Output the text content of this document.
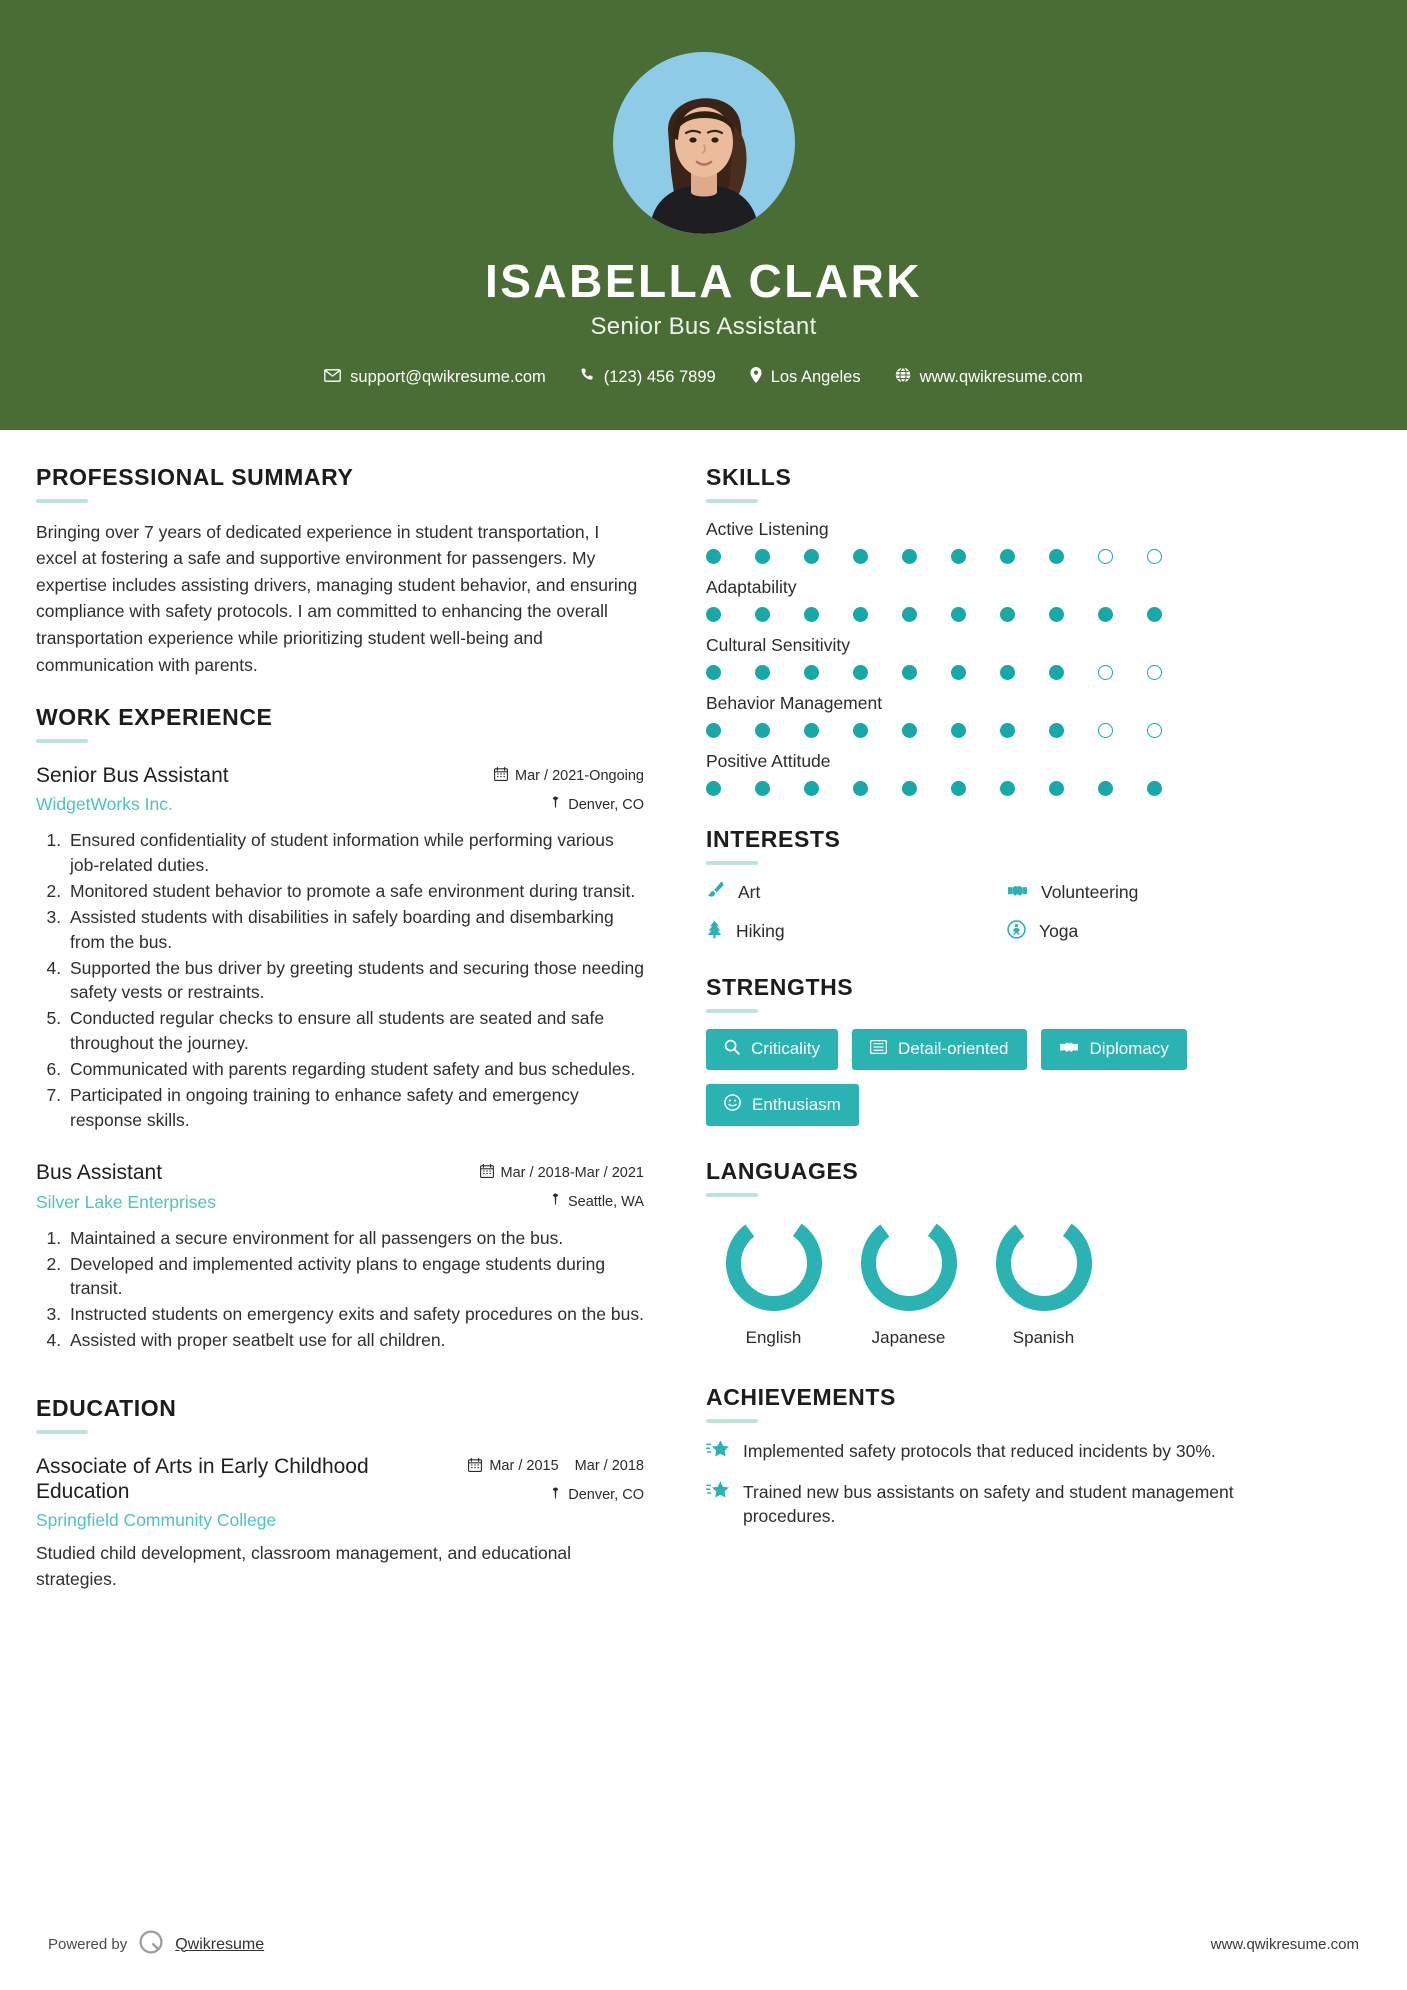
ISABELLA CLARK
Senior Bus Assistant
support@qwikresume.com	(123) 456 7899	Los Angeles	www.qwikresume.com
PROFESSIONAL SUMMARY
Bringing over 7 years of dedicated experience in student transportation, I excel at fostering a safe and supportive environment for passengers. My expertise includes assisting drivers, managing student behavior, and ensuring compliance with safety protocols. I am committed to enhancing the overall transportation experience while prioritizing student well-being and communication with parents.
WORK EXPERIENCE
Senior Bus Assistant
WidgetWorks Inc.
Mar / 2021-Ongoing
Denver, CO
1. Ensured confidentiality of student information while performing various job-related duties.
2. Monitored student behavior to promote a safe environment during transit.
3. Assisted students with disabilities in safely boarding and disembarking from the bus.
4. Supported the bus driver by greeting students and securing those needing safety vests or restraints.
5. Conducted regular checks to ensure all students are seated and safe throughout the journey.
6. Communicated with parents regarding student safety and bus schedules.
7. Participated in ongoing training to enhance safety and emergency response skills.
Bus Assistant
Silver Lake Enterprises
Mar / 2018-Mar / 2021
Seattle, WA
1. Maintained a secure environment for all passengers on the bus.
2. Developed and implemented activity plans to engage students during transit.
3. Instructed students on emergency exits and safety procedures on the bus.
4. Assisted with proper seatbelt use for all children.
EDUCATION
Associate of Arts in Early Childhood Education
Springfield Community College
Mar / 2015 Mar / 2018
Denver, CO
Studied child development, classroom management, and educational strategies.
SKILLS
Active Listening
Adaptability
Cultural Sensitivity
Behavior Management
Positive Attitude
INTERESTS
Art	Volunteering
Hiking	Yoga
STRENGTHS
Criticality	Detail-oriented	Diplomacy
Enthusiasm
LANGUAGES
English	Japanese	Spanish
ACHIEVEMENTS
Implemented safety protocols that reduced incidents by 30%.
Trained new bus assistants on safety and student management procedures.
Powered by	Qwikresume	www.qwikresume.com
